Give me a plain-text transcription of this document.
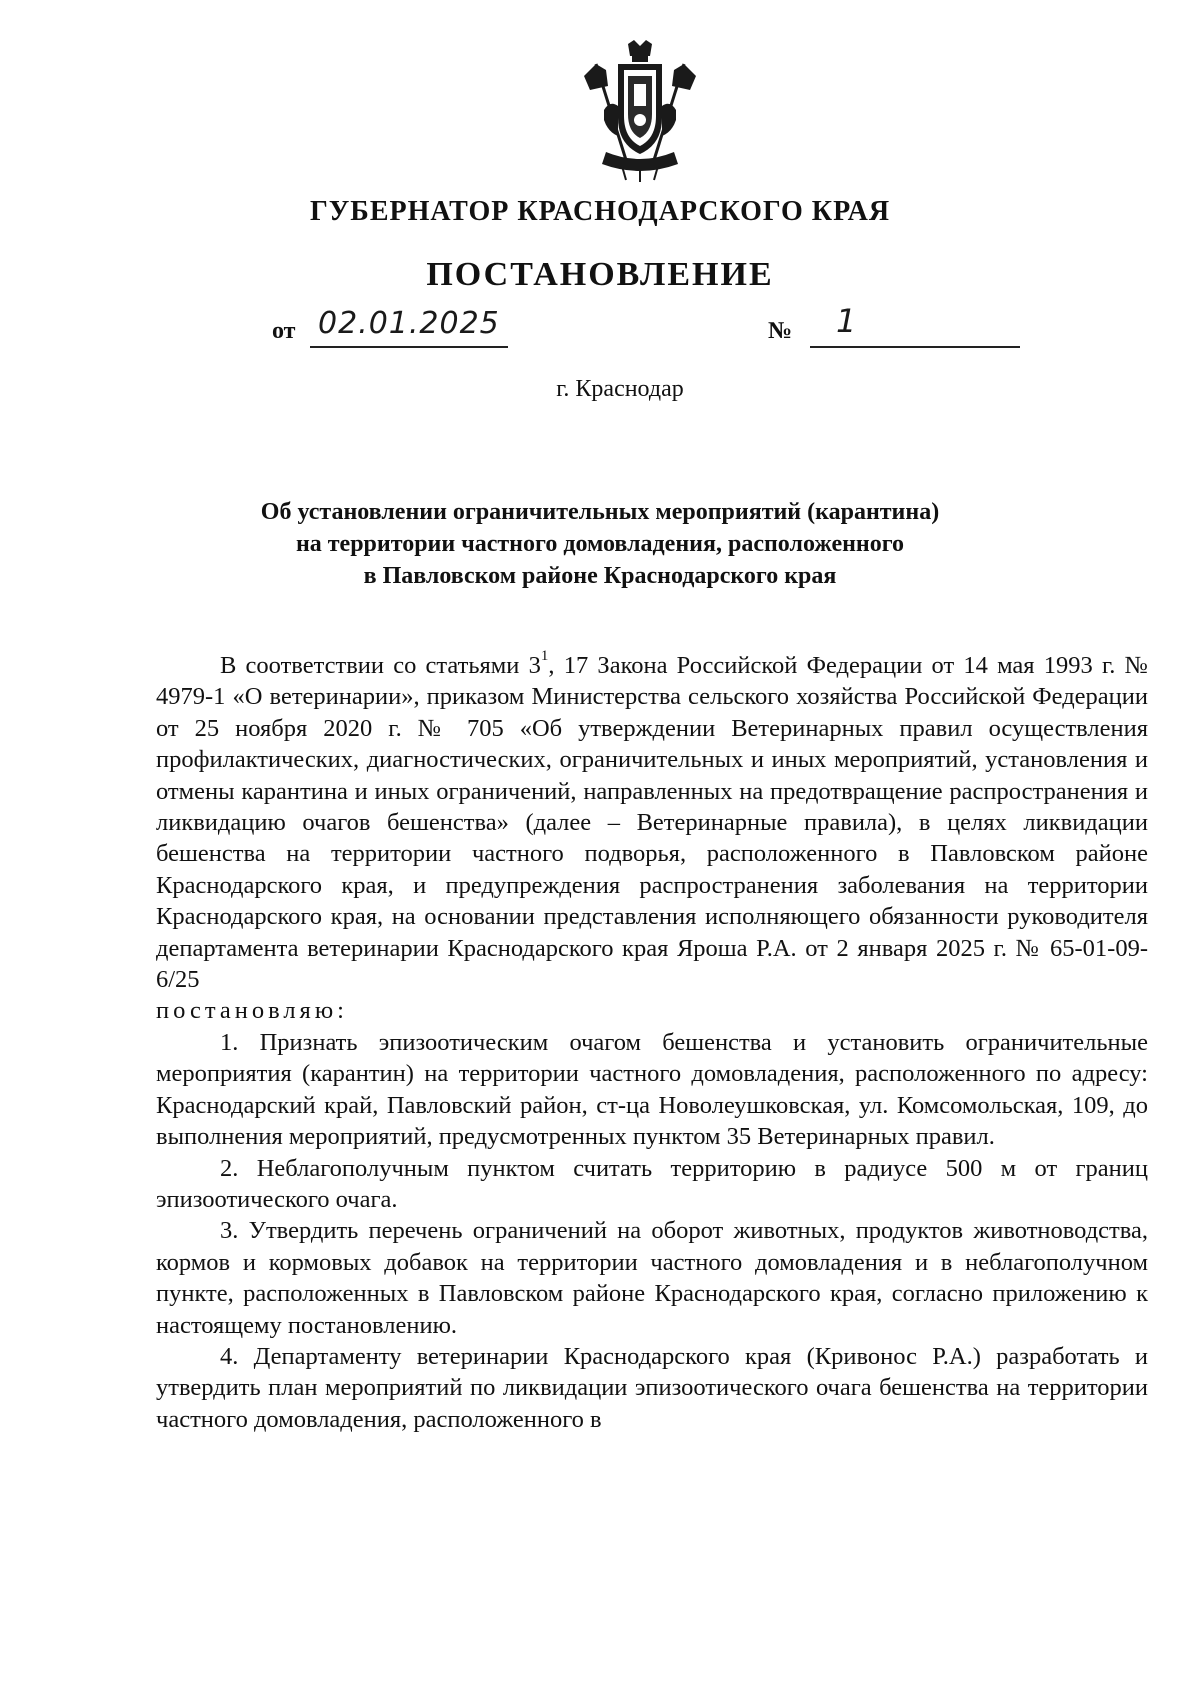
ГУБЕРНАТОР КРАСНОДАРСКОГО КРАЯ
ПОСТАНОВЛЕНИЕ
от 02.01.2025	№ 1
г. Краснодар
Об установлении ограничительных мероприятий (карантина)
на территории частного домовладения, расположенного
в Павловском районе Краснодарского края

В соответствии со статьями $3^1$, 17 Закона Российской Федерации от 14 мая 1993 г. № 4979-1 «О ветеринарии», приказом Министерства сельского хозяйства Российской Федерации от 25 ноября 2020 г. № 705 «Об утверждении Ветеринарных правил осуществления профилактических, диагностических, ограничительных и иных мероприятий, установления и отмены карантина и иных ограничений, направленных на предотвращение распространения и ликвидацию очагов бешенства» (далее – Ветеринарные правила), в целях ликвидации бешенства на территории частного подворья, расположенного в Павловском районе Краснодарского края, и предупреждения распространения заболевания на территории Краснодарского края, на основании представления исполняющего обязанности руководителя департамента ветеринарии Краснодарского края Яроша Р.А. от 2 января 2025 г. № 65-01-09-6/25

постановляю:

1. Признать эпизоотическим очагом бешенства и установить ограничительные мероприятия (карантин) на территории частного домовладения, расположенного по адресу: Краснодарский край, Павловский район, ст-ца Новолеушковская, ул. Комсомольская, 109, до выполнения мероприятий, предусмотренных пунктом 35 Ветеринарных правил.

2. Неблагополучным пунктом считать территорию в радиусе 500 м от границ эпизоотического очага.

3. Утвердить перечень ограничений на оборот животных, продуктов животноводства, кормов и кормовых добавок на территории частного домовладения и в неблагополучном пункте, расположенных в Павловском районе Краснодарского края, согласно приложению к настоящему постановлению.

4. Департаменту ветеринарии Краснодарского края (Кривонос Р.А.) разработать и утвердить план мероприятий по ликвидации эпизоотического очага бешенства на территории частного домовладения, расположенного в
